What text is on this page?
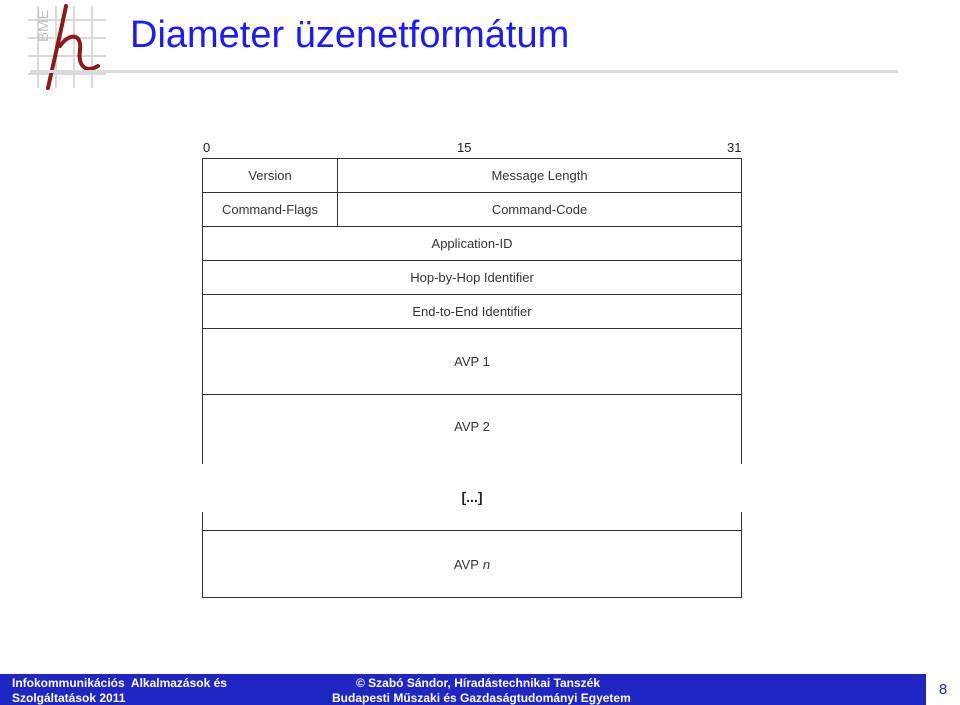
BME Diameter üzenetformátum
0	15	31
Version	Message Length
Command-Flags	Command-Code
Application-ID
Hop-by-Hop Identifier
End-to-End Identifier
AVP 1
AVP 2
[...]
AVP n
Infokommunikációs  Alkalmazások és
Szolgáltatások 2011
© Szabó Sándor, Híradástechnikai Tanszék
Budapesti Műszaki és Gazdaságtudományi Egyetem	8
